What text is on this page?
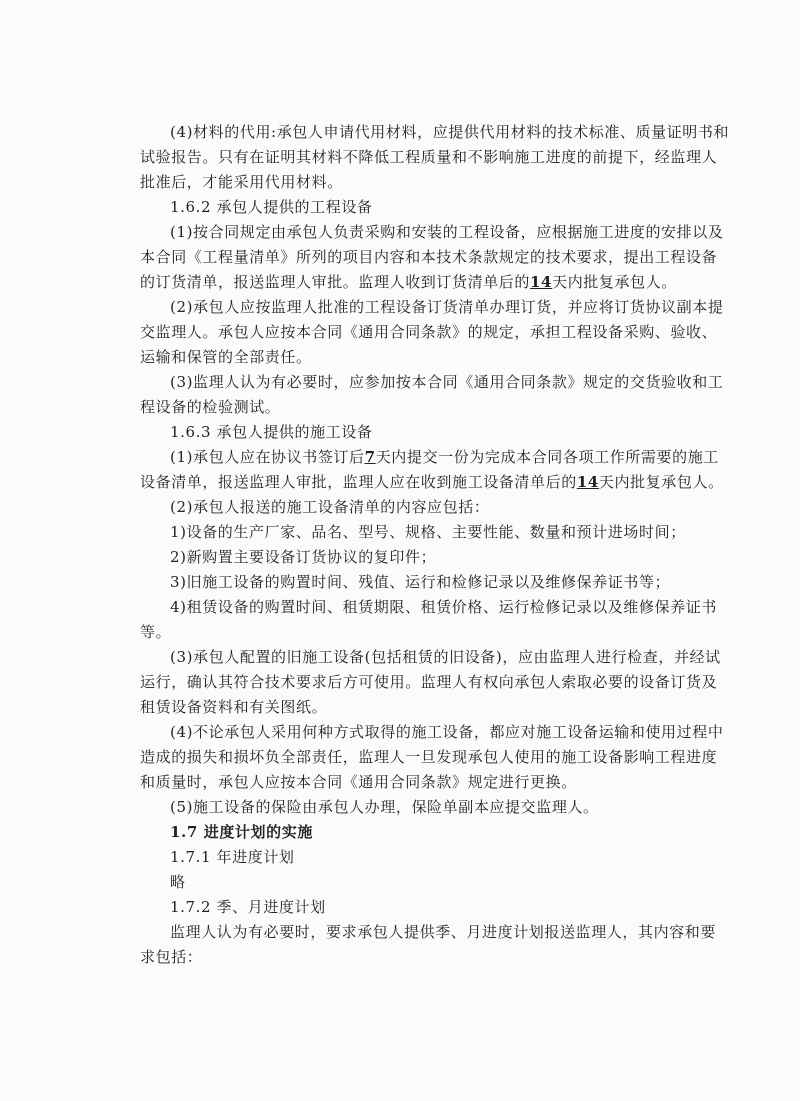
(4)材料的代用:承包人申请代用材料，应提供代用材料的技术标准、质量证明书和
试验报告。只有在证明其材料不降低工程质量和不影响施工进度的前提下，经监理人
批准后，才能采用代用材料。
1.6.2 承包人提供的工程设备
(1)按合同规定由承包人负责采购和安装的工程设备，应根据施工进度的安排以及
本合同《工程量清单》所列的项目内容和本技术条款规定的技术要求，提出工程设备
的订货清单，报送监理人审批。监理人收到订货清单后的14天内批复承包人。
(2)承包人应按监理人批准的工程设备订货清单办理订货，并应将订货协议副本提
交监理人。承包人应按本合同《通用合同条款》的规定，承担工程设备采购、验收、
运输和保管的全部责任。
(3)监理人认为有必要时，应参加按本合同《通用合同条款》规定的交货验收和工
程设备的检验测试。
1.6.3 承包人提供的施工设备
(1)承包人应在协议书签订后7天内提交一份为完成本合同各项工作所需要的施工
设备清单，报送监理人审批，监理人应在收到施工设备清单后的14天内批复承包人。
(2)承包人报送的施工设备清单的内容应包括：
1)设备的生产厂家、品名、型号、规格、主要性能、数量和预计进场时间；
2)新购置主要设备订货协议的复印件；
3)旧施工设备的购置时间、残值、运行和检修记录以及维修保养证书等；
4)租赁设备的购置时间、租赁期限、租赁价格、运行检修记录以及维修保养证书
等。
(3)承包人配置的旧施工设备(包括租赁的旧设备)，应由监理人进行检查，并经试
运行，确认其符合技术要求后方可使用。监理人有权向承包人索取必要的设备订货及
租赁设备资料和有关图纸。
(4)不论承包人采用何种方式取得的施工设备，都应对施工设备运输和使用过程中
造成的损失和损坏负全部责任，监理人一旦发现承包人使用的施工设备影响工程进度
和质量时，承包人应按本合同《通用合同条款》规定进行更换。
(5)施工设备的保险由承包人办理，保险单副本应提交监理人。
1.7 进度计划的实施
1.7.1 年进度计划
略
1.7.2 季、月进度计划
监理人认为有必要时，要求承包人提供季、月进度计划报送监理人，其内容和要
求包括：
